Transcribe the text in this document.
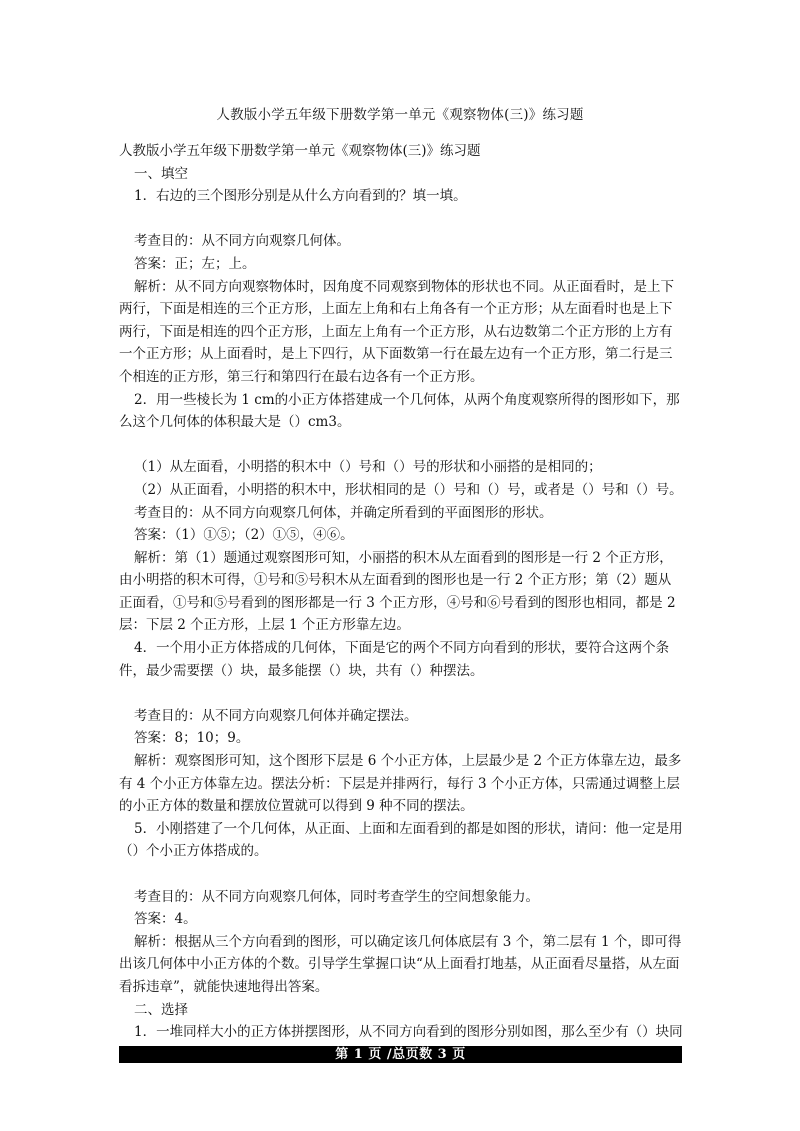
人教版小学五年级下册数学第一单元《观察物体(三)》练习题

人教版小学五年级下册数学第一单元《观察物体(三)》练习题

一、填空

1．右边的三个图形分别是从什么方向看到的？填一填。

考查目的：从不同方向观察几何体。

答案：正；左；上。

解析：从不同方向观察物体时，因角度不同观察到物体的形状也不同。从正面看时，是上下两行，下面是相连的三个正方形，上面左上角和右上角各有一个正方形；从左面看时也是上下两行，下面是相连的四个正方形，上面左上角有一个正方形，从右边数第二个正方形的上方有一个正方形；从上面看时，是上下四行，从下面数第一行在最左边有一个正方形，第二行是三个相连的正方形，第三行和第四行在最右边各有一个正方形。

2．用一些棱长为 1 cm的小正方体搭建成一个几何体，从两个角度观察所得的图形如下，那么这个几何体的体积最大是（）cm3。

（1）从左面看，小明搭的积木中（）号和（）号的形状和小丽搭的是相同的；

（2）从正面看，小明搭的积木中，形状相同的是（）号和（）号，或者是（）号和（）号。

考查目的：从不同方向观察几何体，并确定所看到的平面图形的形状。

答案：（1）①⑤；（2）①⑤，④⑥。

解析：第（1）题通过观察图形可知，小丽搭的积木从左面看到的图形是一行 2 个正方形，由小明搭的积木可得，①号和⑤号积木从左面看到的图形也是一行 2 个正方形；第（2）题从正面看，①号和⑤号看到的图形都是一行 3 个正方形，④号和⑥号看到的图形也相同，都是 2 层：下层 2 个正方形，上层 1 个正方形靠左边。

4．一个用小正方体搭成的几何体，下面是它的两个不同方向看到的形状，要符合这两个条件，最少需要摆（）块，最多能摆（）块，共有（）种摆法。

考查目的：从不同方向观察几何体并确定摆法。

答案：8；10；9。

解析：观察图形可知，这个图形下层是 6 个小正方体，上层最少是 2 个正方体靠左边，最多有 4 个小正方体靠左边。摆法分析：下层是并排两行，每行 3 个小正方体，只需通过调整上层的小正方体的数量和摆放位置就可以得到 9 种不同的摆法。

5．小刚搭建了一个几何体，从正面、上面和左面看到的都是如图的形状，请问：他一定是用（）个小正方体搭成的。

考查目的：从不同方向观察几何体，同时考查学生的空间想象能力。

答案：4。

解析：根据从三个方向看到的图形，可以确定该几何体底层有 3 个，第二层有 1 个，即可得出该几何体中小正方体的个数。引导学生掌握口诀“从上面看打地基，从正面看尽量搭，从左面看拆违章”，就能快速地得出答案。

二、选择

1．一堆同样大小的正方体拼摆图形，从不同方向看到的图形分别如图，那么至少有（）块同

第 1 页 /总页数 3 页
